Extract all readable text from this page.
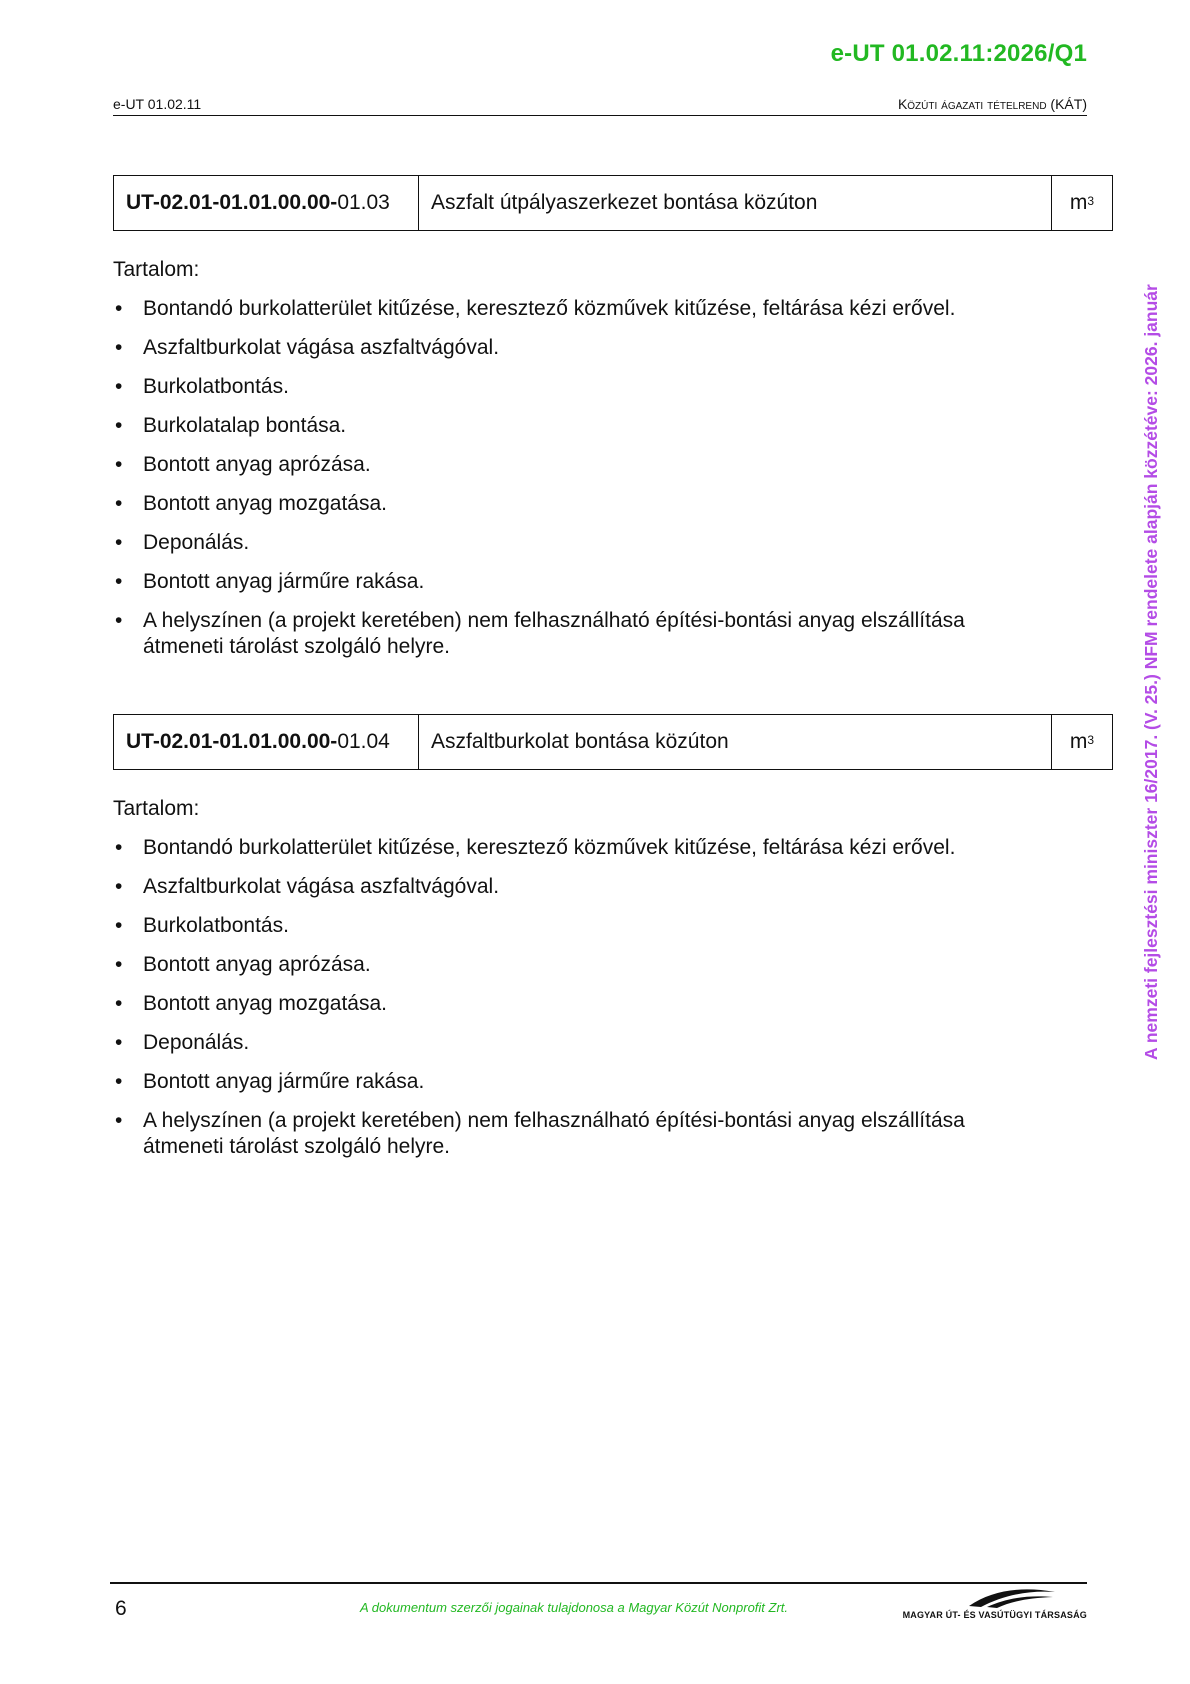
e-UT 01.02.11:2026/Q1
e-UT 01.02.11	Közúti ágazati tételrend (KÁT)
A nemzeti fejlesztési miniszter 16/2017. (V. 25.) NFM rendelete alapján közzétéve: 2026. január
UT-02.01-01.01.00.00- 01.03	Aszfalt útpályaszerkezet bontása közúton	$m^3$
Tartalom:
• Bontandó burkolatterület kitűzése, keresztező közművek kitűzése, feltárása kézi erővel.
• Aszfaltburkolat vágása aszfaltvágóval.
• Burkolatbontás.
• Burkolatalap bontása.
• Bontott anyag aprózása.
• Bontott anyag mozgatása.
• Deponálás.
• Bontott anyag járműre rakása.
• A helyszínen (a projekt keretében) nem felhasználható építési-bontási anyag elszállítása átmeneti tárolást szolgáló helyre.
UT-02.01-01.01.00.00- 01.04	Aszfaltburkolat bontása közúton	$m^3$
Tartalom:
• Bontandó burkolatterület kitűzése, keresztező közművek kitűzése, feltárása kézi erővel.
• Aszfaltburkolat vágása aszfaltvágóval.
• Burkolatbontás.
• Bontott anyag aprózása.
• Bontott anyag mozgatása.
• Deponálás.
• Bontott anyag járműre rakása.
• A helyszínen (a projekt keretében) nem felhasználható építési-bontási anyag elszállítása átmeneti tárolást szolgáló helyre.
6	A dokumentum szerzői jogainak tulajdonosa a Magyar Közút Nonprofit Zrt.	MAGYAR ÚT- ÉS VASÚTÜGYI TÁRSASÁG
